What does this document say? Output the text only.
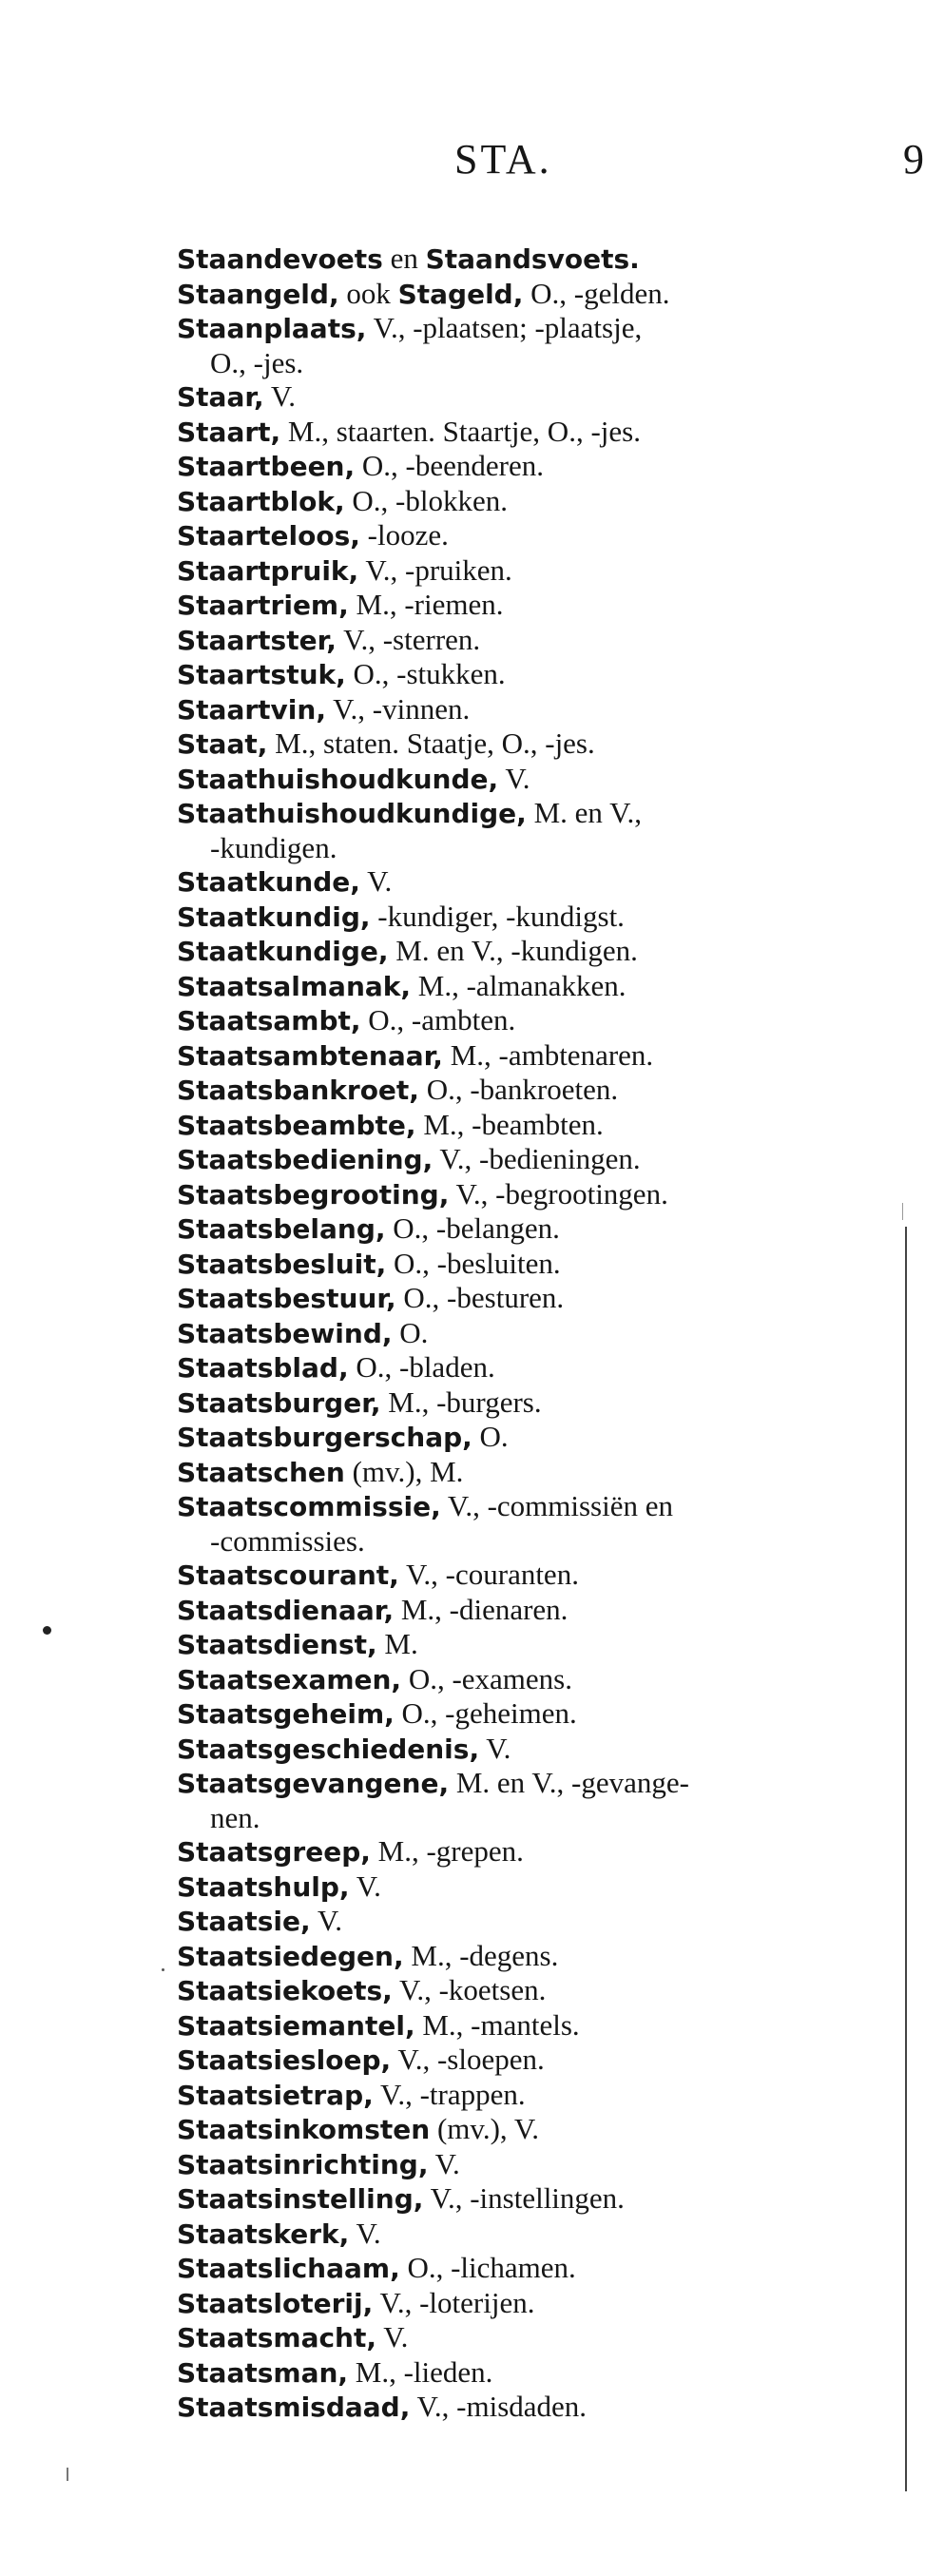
STA.	9
Staandevoets en Staandsvoets.
Staangeld, ook Stageld, O., -gelden.
Staanplaats, V., -plaatsen; -plaatsje,
O., -jes.
Staar, V.
Staart, M., staarten. Staartje, O., -jes.
Staartbeen, O., -beenderen.
Staartblok, O., -blokken.
Staarteloos, -looze.
Staartpruik, V., -pruiken.
Staartriem, M., -riemen.
Staartster, V., -sterren.
Staartstuk, O., -stukken.
Staartvin, V., -vinnen.
Staat, M., staten. Staatje, O., -jes.
Staathuishoudkunde, V.
Staathuishoudkundige, M. en V.,
-kundigen.
Staatkunde, V.
Staatkundig, -kundiger, -kundigst.
Staatkundige, M. en V., -kundigen.
Staatsalmanak, M., -almanakken.
Staatsambt, O., -ambten.
Staatsambtenaar, M., -ambtenaren.
Staatsbankroet, O., -bankroeten.
Staatsbeambte, M., -beambten.
Staatsbediening, V., -bedieningen.
Staatsbegrooting, V., -begrootingen.
Staatsbelang, O., -belangen.
Staatsbesluit, O., -besluiten.
Staatsbestuur, O., -besturen.
Staatsbewind, O.
Staatsblad, O., -bladen.
Staatsburger, M., -burgers.
Staatsburgerschap, O.
Staatschen (mv.), M.
Staatscommissie, V., -commissiën en
-commissies.
Staatscourant, V., -couranten.
Staatsdienaar, M., -dienaren.
Staatsdienst, M.
Staatsexamen, O., -examens.
Staatsgeheim, O., -geheimen.
Staatsgeschiedenis, V.
Staatsgevangene, M. en V., -gevange-
nen.
Staatsgreep, M., -grepen.
Staatshulp, V.
Staatsie, V.
Staatsiedegen, M., -degens.
Staatsiekoets, V., -koetsen.
Staatsiemantel, M., -mantels.
Staatsiesloep, V., -sloepen.
Staatsietrap, V., -trappen.
Staatsinkomsten (mv.), V.
Staatsinrichting, V.
Staatsinstelling, V., -instellingen.
Staatskerk, V.
Staatslichaam, O., -lichamen.
Staatsloterij, V., -loterijen.
Staatsmacht, V.
Staatsman, M., -lieden.
Staatsmisdaad, V., -misdaden.
